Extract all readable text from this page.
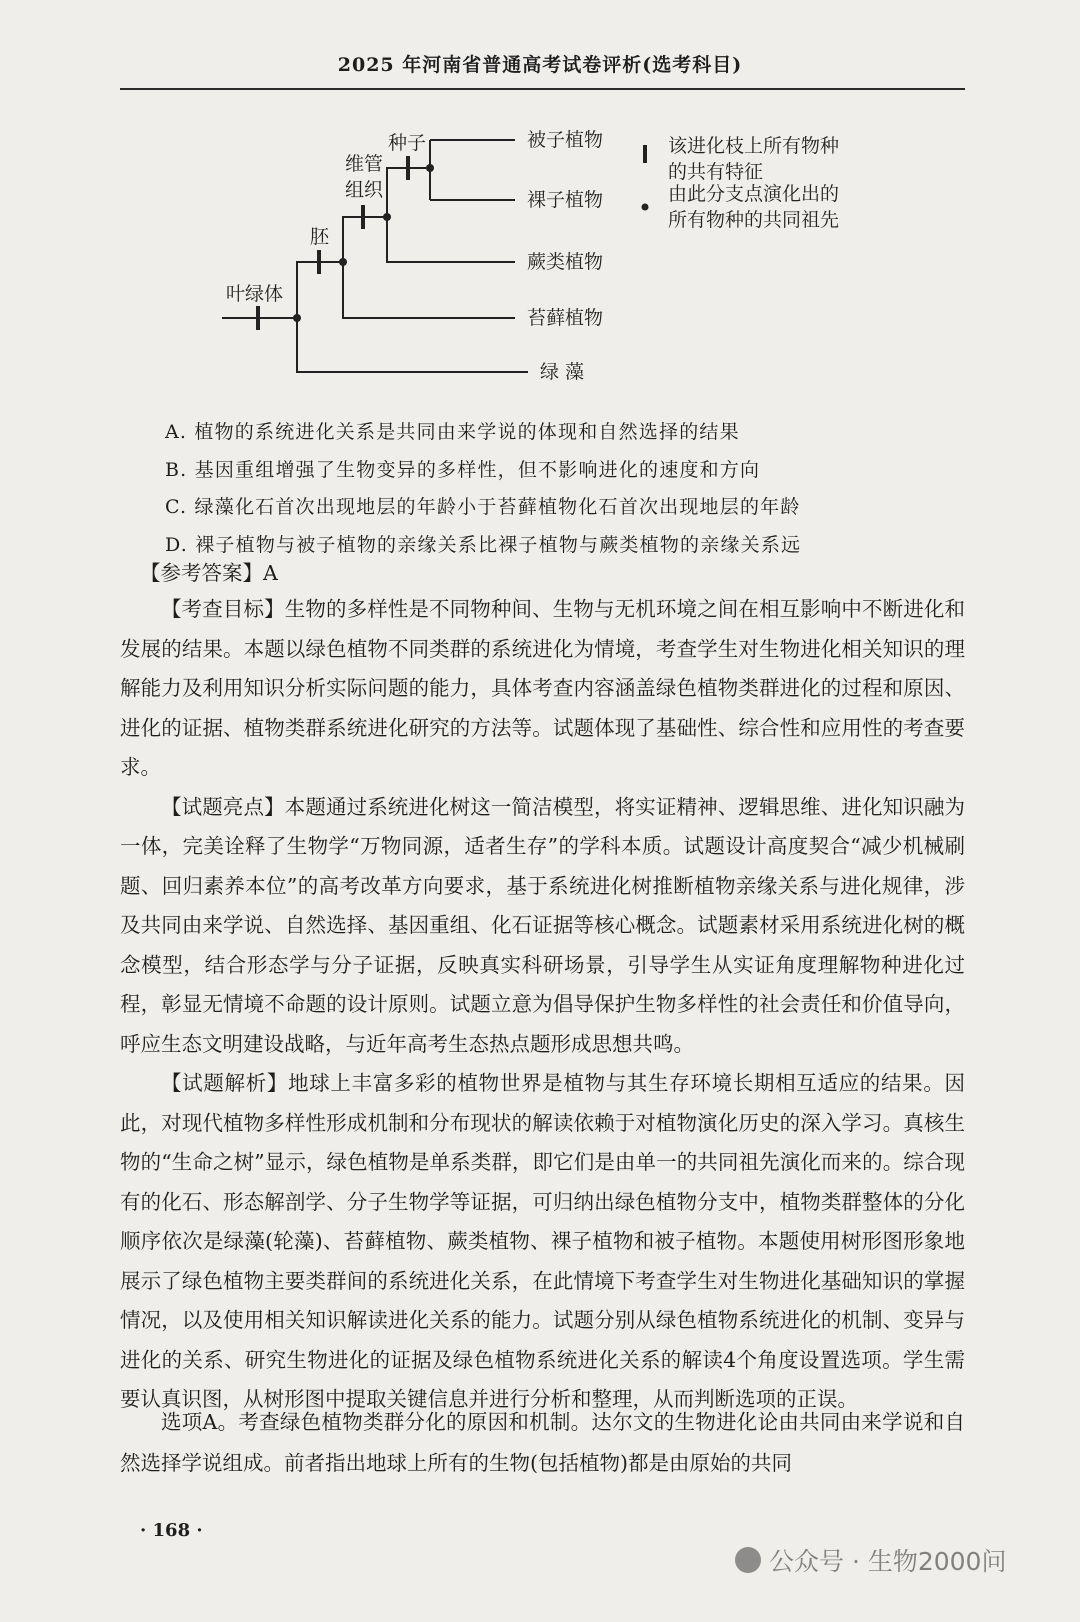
2025 年河南省普通高考试卷评析(选考科目)
种子
维管
组织
胚
叶绿体
被子植物
裸子植物
蕨类植物
苔藓植物
绿 藻
该进化枝上所有物种
的共有特征
由此分支点演化出的
所有物种的共同祖先
A. 植物的系统进化关系是共同由来学说的体现和自然选择的结果
B. 基因重组增强了生物变异的多样性，但不影响进化的速度和方向
C. 绿藻化石首次出现地层的年龄小于苔藓植物化石首次出现地层的年龄
D. 裸子植物与被子植物的亲缘关系比裸子植物与蕨类植物的亲缘关系远
【参考答案】A

【考查目标】生物的多样性是不同物种间、生物与无机环境之间在相互影响中不断进化和发展的结果。本题以绿色植物不同类群的系统进化为情境，考查学生对生物进化相关知识的理解能力及利用知识分析实际问题的能力，具体考查内容涵盖绿色植物类群进化的过程和原因、进化的证据、植物类群系统进化研究的方法等。试题体现了基础性、综合性和应用性的考查要求。

【试题亮点】本题通过系统进化树这一简洁模型，将实证精神、逻辑思维、进化知识融为一体，完美诠释了生物学“万物同源，适者生存”的学科本质。试题设计高度契合“减少机械刷题、回归素养本位”的高考改革方向要求，基于系统进化树推断植物亲缘关系与进化规律，涉及共同由来学说、自然选择、基因重组、化石证据等核心概念。试题素材采用系统进化树的概念模型，结合形态学与分子证据，反映真实科研场景，引导学生从实证角度理解物种进化过程，彰显无情境不命题的设计原则。试题立意为倡导保护生物多样性的社会责任和价值导向，呼应生态文明建设战略，与近年高考生态热点题形成思想共鸣。

【试题解析】地球上丰富多彩的植物世界是植物与其生存环境长期相互适应的结果。因此，对现代植物多样性形成机制和分布现状的解读依赖于对植物演化历史的深入学习。真核生物的“生命之树”显示，绿色植物是单系类群，即它们是由单一的共同祖先演化而来的。综合现有的化石、形态解剖学、分子生物学等证据，可归纳出绿色植物分支中，植物类群整体的分化顺序依次是绿藻(轮藻)、苔藓植物、蕨类植物、裸子植物和被子植物。本题使用树形图形象地展示了绿色植物主要类群间的系统进化关系，在此情境下考查学生对生物进化基础知识的掌握情况，以及使用相关知识解读进化关系的能力。试题分别从绿色植物系统进化的机制、变异与进化的关系、研究生物进化的证据及绿色植物系统进化关系的解读4个角度设置选项。学生需要认真识图，从树形图中提取关键信息并进行分析和整理，从而判断选项的正误。

选项A。考查绿色植物类群分化的原因和机制。达尔文的生物进化论由共同由来学说和自然选择学说组成。前者指出地球上所有的生物(包括植物)都是由原始的共同

· 168 ·
公众号 · 生物2000问
